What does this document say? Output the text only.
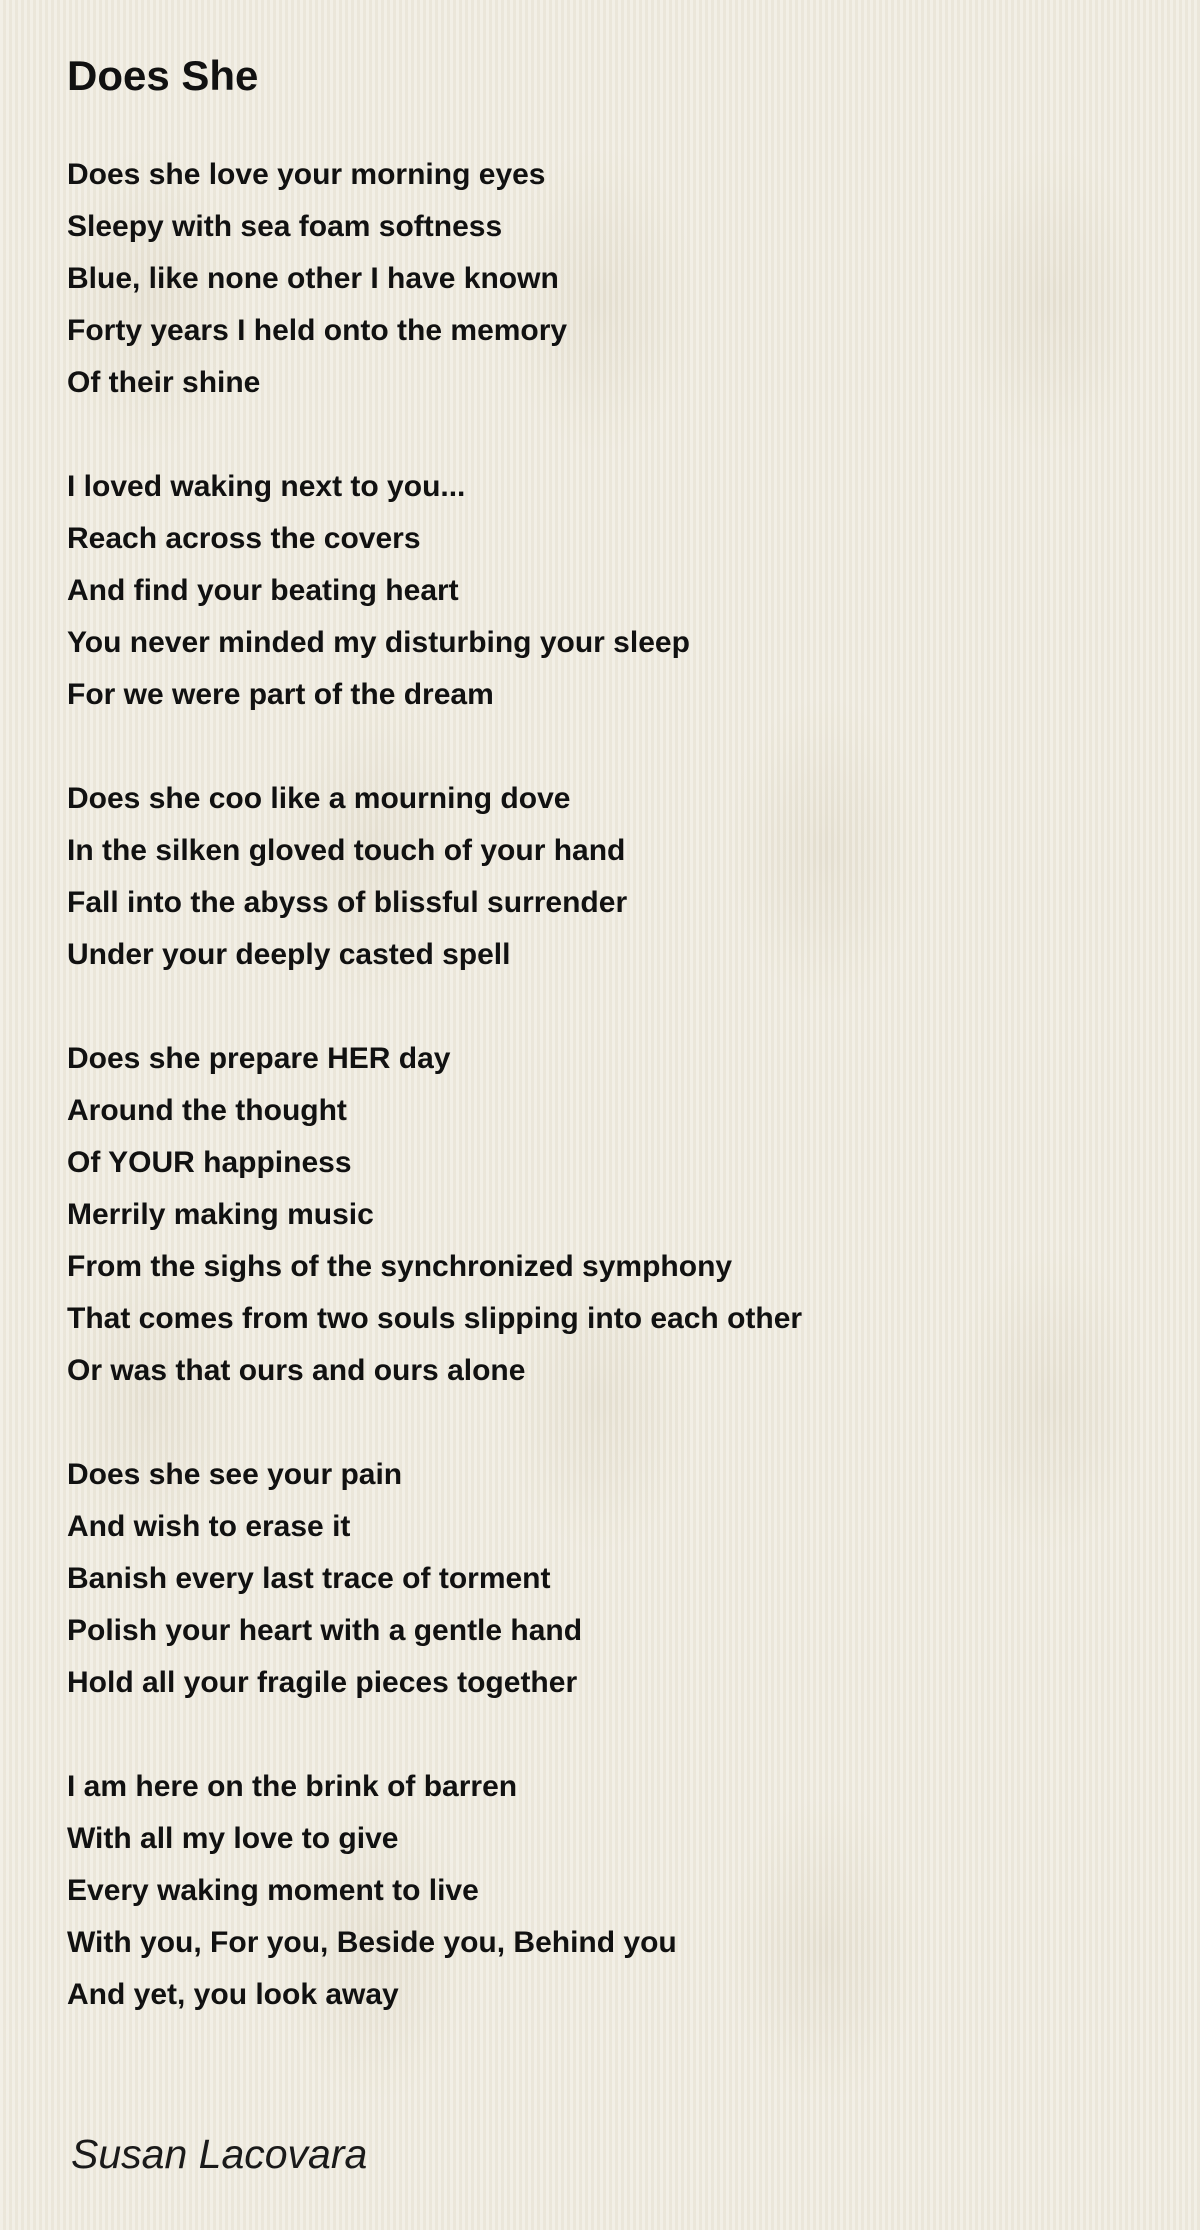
Does She
Does she love your morning eyes
Sleepy with sea foam softness
Blue, like none other I have known
Forty years I held onto the memory
Of their shine
I loved waking next to you...
Reach across the covers
And find your beating heart
You never minded my disturbing your sleep
For we were part of the dream
Does she coo like a mourning dove
In the silken gloved touch of your hand
Fall into the abyss of blissful surrender
Under your deeply casted spell
Does she prepare HER day
Around the thought
Of YOUR happiness
Merrily making music
From the sighs of the synchronized symphony
That comes from two souls slipping into each other
Or was that ours and ours alone
Does she see your pain
And wish to erase it
Banish every last trace of torment
Polish your heart with a gentle hand
Hold all your fragile pieces together
I am here on the brink of barren
With all my love to give
Every waking moment to live
With you, For you, Beside you, Behind you
And yet, you look away

Susan Lacovara
